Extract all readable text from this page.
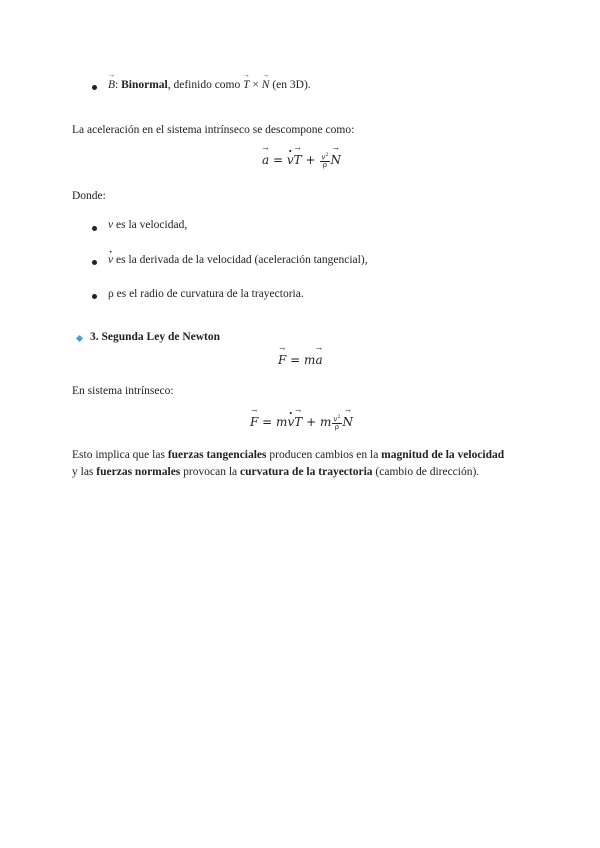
→ B: Binormal, definido como → T × → N (en 3D).
La aceleración en el sistema intrínseco se descompone como:
→ a = · $v\to T + \frac{v^2}{\rho}$
→ N
Donde:
v es la velocidad,
· v es la derivada de la velocidad (aceleración tangencial),
ρ es el radio de curvatura de la trayectoria.
3. Segunda Ley de Newton
→ F = m→ a
En sistema intrínseco:
→ F = m· v→ T + m $\frac{v^2}{\rho}$
→ N
Esto implica que las fuerzas tangenciales producen cambios en la magnitud de la velocidad
y las fuerzas normales provocan la curvatura de la trayectoria (cambio de dirección).
